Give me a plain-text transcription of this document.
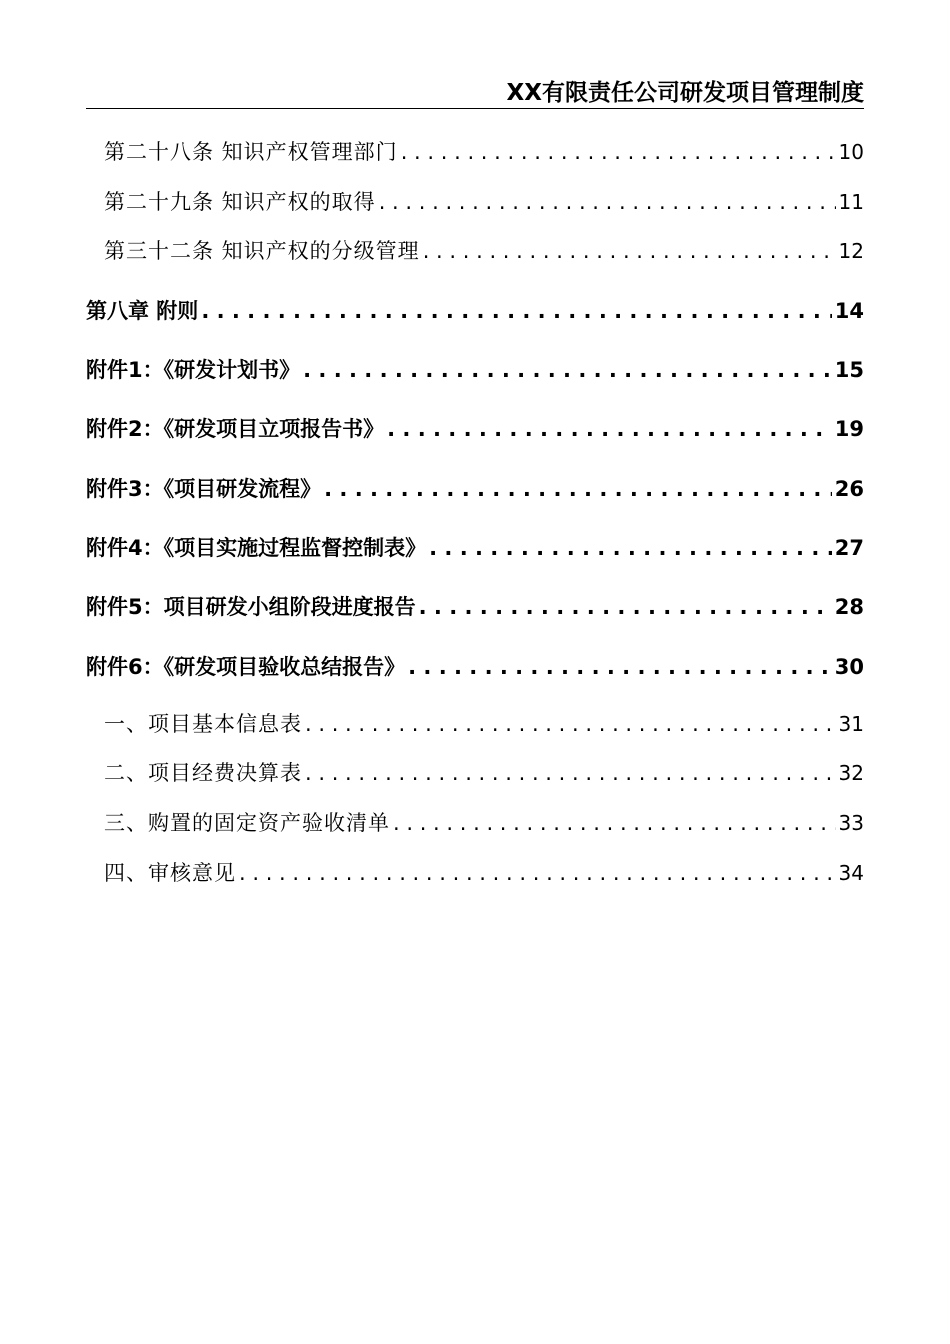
XX有限责任公司研发项目管理制度
第二十八条 知识产权管理部门 . . .	10
第二十九条 知识产权的取得 . . .	11
第三十二条 知识产权的分级管理 . . .	12
第八章 附则 . . .	14
附件1：《研发计划书》 . . .	15
附件2：《研发项目立项报告书》 . . .	19
附件3：《项目研发流程》 . . .	26
附件4：《项目实施过程监督控制表》 . . .	27
附件5：项目研发小组阶段进度报告 . . .	28
附件6：《研发项目验收总结报告》 . . .	30
一、项目基本信息表 . . .	31
二、项目经费决算表 . . .	32
三、购置的固定资产验收清单 . . .	33
四、审核意见 . . .	34
